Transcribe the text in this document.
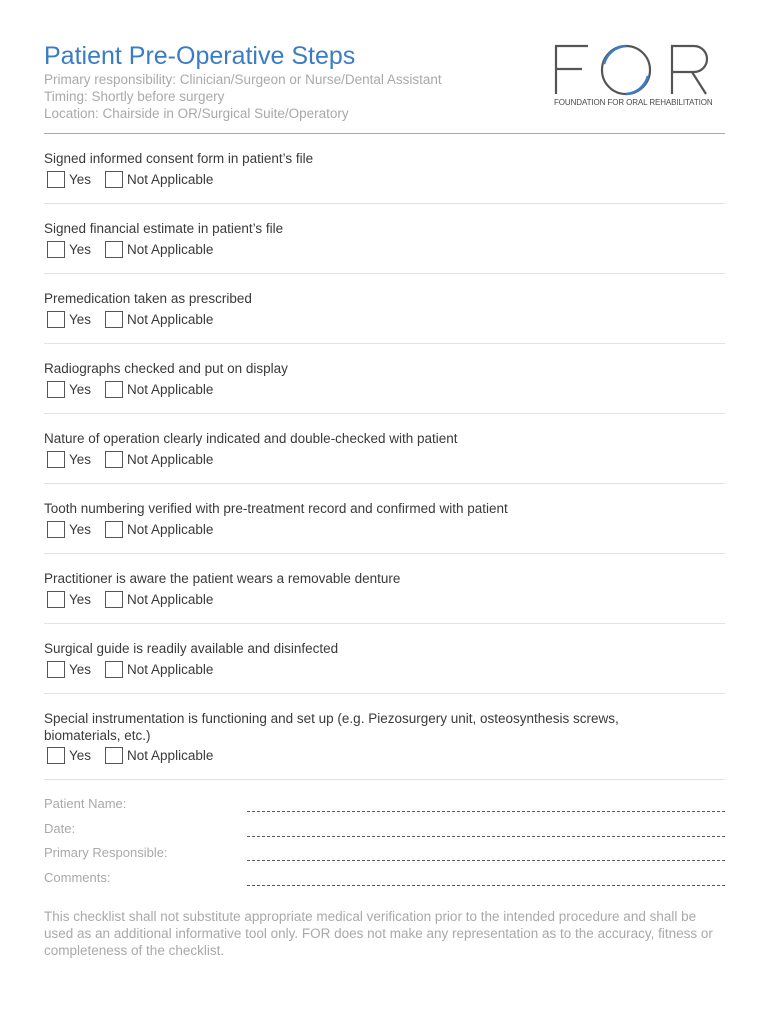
Patient Pre-Operative Steps
Primary responsibility: Clinician/Surgeon or Nurse/Dental Assistant
Timing: Shortly before surgery
Location: Chairside in OR/Surgical Suite/Operatory
FOUNDATION FOR ORAL REHABILITATION
Signed informed consent form in patient’s file
Yes	Not Applicable
Signed financial estimate in patient’s file
Yes	Not Applicable
Premedication taken as prescribed
Yes	Not Applicable
Radiographs checked and put on display
Yes	Not Applicable
Nature of operation clearly indicated and double-checked with patient
Yes	Not Applicable
Tooth numbering verified with pre-treatment record and confirmed with patient
Yes	Not Applicable
Practitioner is aware the patient wears a removable denture
Yes	Not Applicable
Surgical guide is readily available and disinfected
Yes	Not Applicable
Special instrumentation is functioning and set up (e.g. Piezosurgery unit, osteosynthesis screws, biomaterials, etc.)
Yes	Not Applicable
Patient Name:
Date:
Primary Responsible:
Comments:
This checklist shall not substitute appropriate medical verification prior to the intended procedure and shall be used as an additional informative tool only. FOR does not make any representation as to the accuracy, fitness or completeness of the checklist.
